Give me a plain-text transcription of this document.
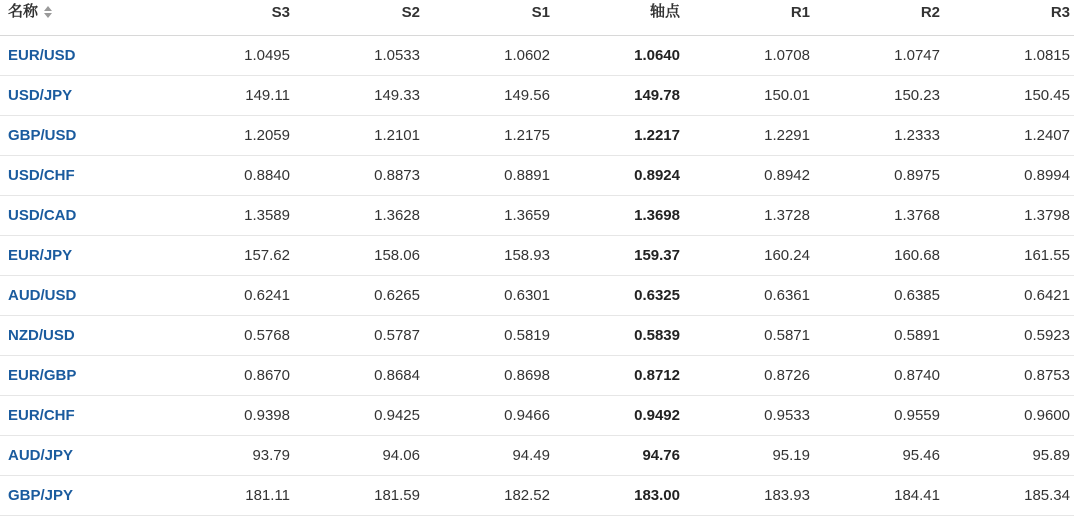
名称	S3	S2	S1	轴点	R1	R2	R3	
EUR/USD	1.0495	1.0533	1.0602	1.0640	1.0708	1.0747	1.0815	
USD/JPY	149.11	149.33	149.56	149.78	150.01	150.23	150.45	
GBP/USD	1.2059	1.2101	1.2175	1.2217	1.2291	1.2333	1.2407	
USD/CHF	0.8840	0.8873	0.8891	0.8924	0.8942	0.8975	0.8994	
USD/CAD	1.3589	1.3628	1.3659	1.3698	1.3728	1.3768	1.3798	
EUR/JPY	157.62	158.06	158.93	159.37	160.24	160.68	161.55	
AUD/USD	0.6241	0.6265	0.6301	0.6325	0.6361	0.6385	0.6421	
NZD/USD	0.5768	0.5787	0.5819	0.5839	0.5871	0.5891	0.5923	
EUR/GBP	0.8670	0.8684	0.8698	0.8712	0.8726	0.8740	0.8753	
EUR/CHF	0.9398	0.9425	0.9466	0.9492	0.9533	0.9559	0.9600	
AUD/JPY	93.79	94.06	94.49	94.76	95.19	95.46	95.89	
GBP/JPY	181.11	181.59	182.52	183.00	183.93	184.41	185.34	
